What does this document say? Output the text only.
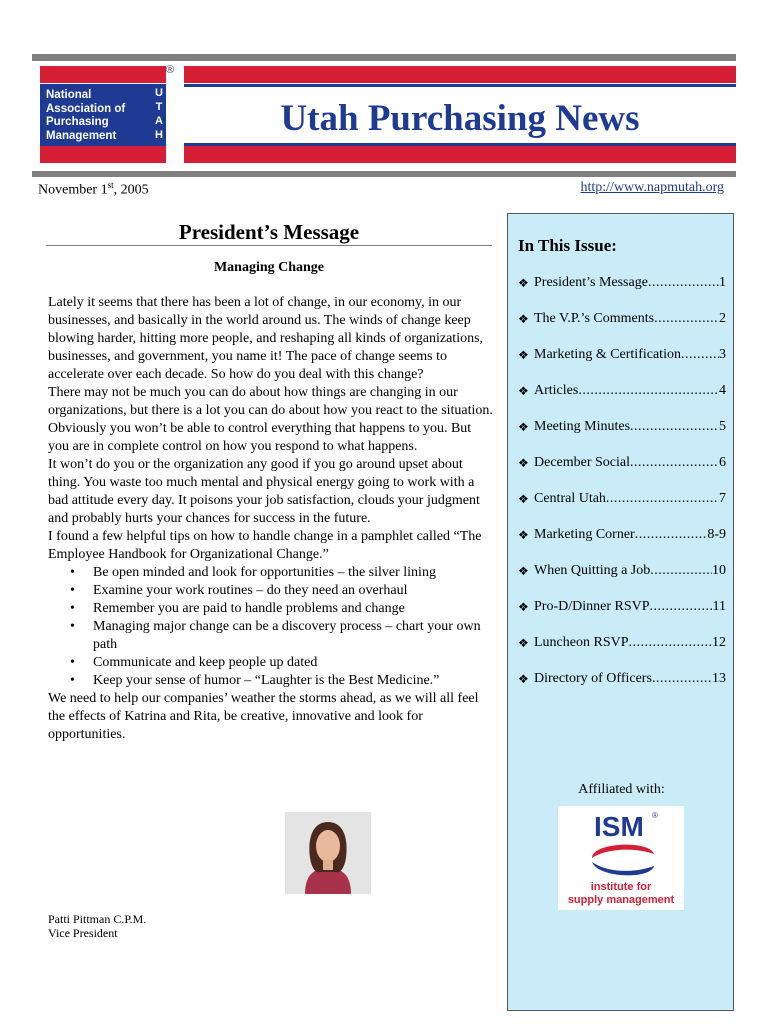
®
National
Association of
Purchasing
Management
U
T
A
H	Utah Purchasing News
November 1st, 2005	http://www.napmutah.org
President’s Message
Managing Change

Lately it seems that there has been a lot of change, in our economy, in our businesses, and basically in the world around us. The winds of change keep blowing harder, hitting more people, and reshaping all kinds of organizations, businesses, and government, you name it! The pace of change seems to accelerate over each decade. So how do you deal with this change?

There may not be much you can do about how things are changing in our organizations, but there is a lot you can do about how you react to the situation. Obviously you won’t be able to control everything that happens to you. But you are in complete control on how you respond to what happens.

It won’t do you or the organization any good if you go around upset about thing. You waste too much mental and physical energy going to work with a bad attitude every day. It poisons your job satisfaction, clouds your judgment and probably hurts your chances for success in the future.

I found a few helpful tips on how to handle change in a pamphlet called “The Employee Handbook for Organizational Change.”

• Be open minded and look for opportunities – the silver lining
• Examine your work routines – do they need an overhaul
• Remember you are paid to handle problems and change
• Managing major change can be a discovery process – chart your own path
• Communicate and keep people up dated
• Keep your sense of humor – “Laughter is the Best Medicine.”

We need to help our companies’ weather the storms ahead, as we will all feel the effects of Katrina and Rita, be creative, innovative and look for opportunities.

Patti Pittman C.P.M.
Vice President
In This Issue:
❖ President’s Message . . .	1
❖ The V.P.’s Comments . . .	2
❖ Marketing & Certification . . .	3
❖ Articles . . .	4
❖ Meeting Minutes . . .	5
❖ December Social . . .	6
❖ Central Utah . . .	7
❖ Marketing Corner . . .	8-9
❖ When Quitting a Job . . .	10
❖ Pro-D/Dinner RSVP . . .	11
❖ Luncheon RSVP . . .	12
❖ Directory of Officers . . .	13
Affiliated with:
ISM ®
institute for
supply management
